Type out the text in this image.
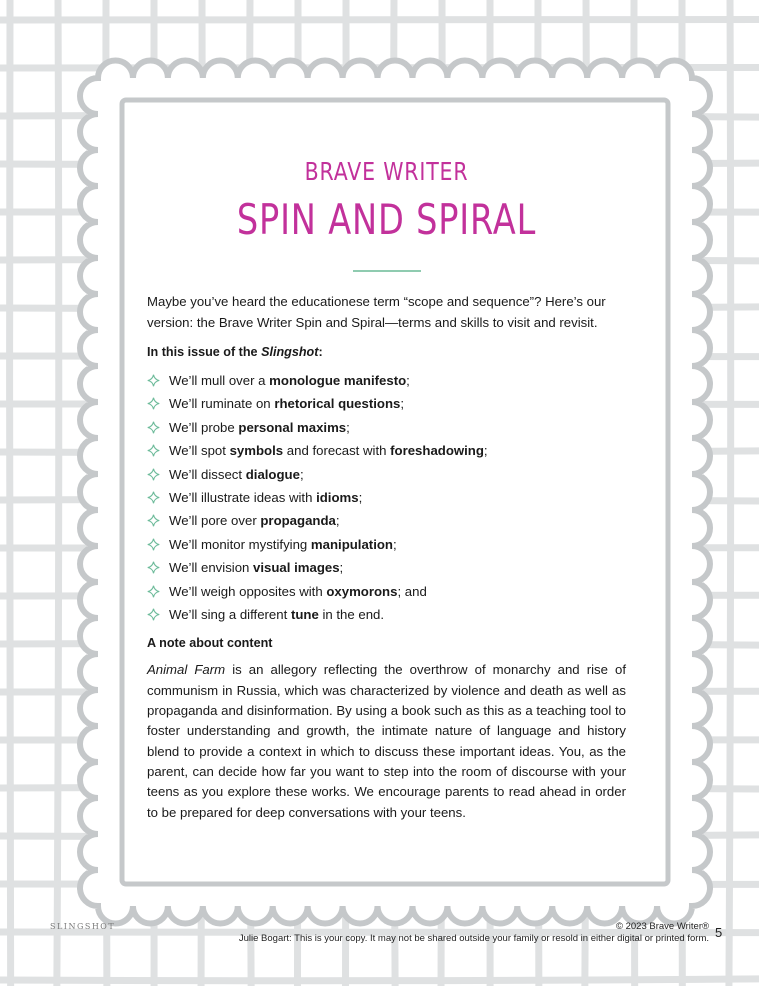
BRAVE WRITER
SPIN AND SPIRAL

Maybe you’ve heard the educationese term “scope and sequence”? Here’s our version: the Brave Writer Spin and Spiral—terms and skills to visit and revisit.

In this issue of the Slingshot:

We’ll mull over a monologue manifesto;
We’ll ruminate on rhetorical questions;
We’ll probe personal maxims;
We’ll spot symbols and forecast with foreshadowing;
We’ll dissect dialogue;
We’ll illustrate ideas with idioms;
We’ll pore over propaganda;
We’ll monitor mystifying manipulation;
We’ll envision visual images;
We’ll weigh opposites with oxymorons; and
We’ll sing a different tune in the end.

A note about content

Animal Farm is an allegory reflecting the overthrow of monarchy and rise of communism in Russia, which was characterized by violence and death as well as propaganda and disinformation. By using a book such as this as a teaching tool to foster understanding and growth, the intimate nature of language and history blend to provide a context in which to discuss these important ideas. You, as the parent, can decide how far you want to step into the room of discourse with your teens as you explore these works. We encourage parents to read ahead in order to be prepared for deep conversations with your teens.

SLINGSHOT	© 2023 Brave Writer®
Julie Bogart: This is your copy. It may not be shared outside your family or resold in either digital or printed form. 5
